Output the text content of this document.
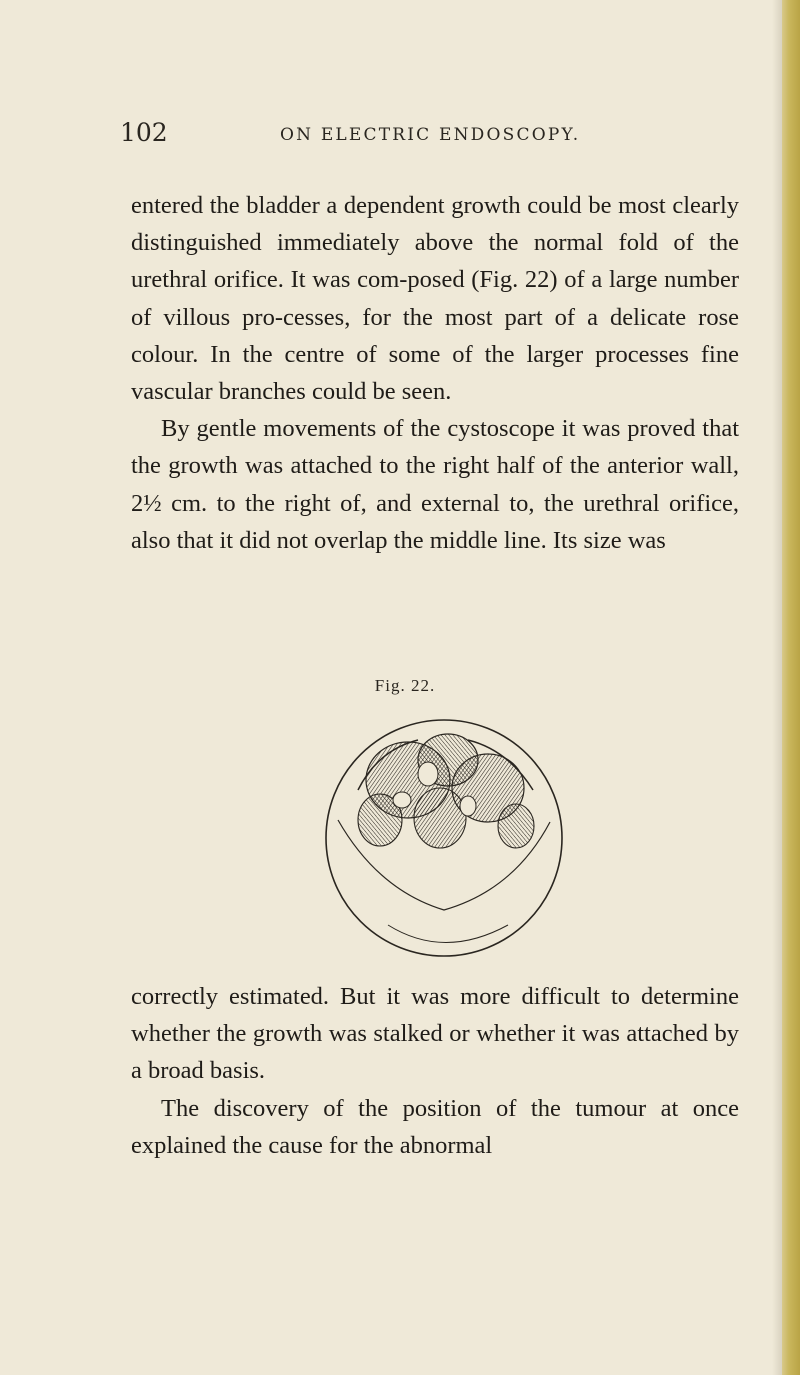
102	ON ELECTRIC ENDOSCOPY.

entered the bladder a dependent growth could be most clearly distinguished immediately above the normal fold of the urethral orifice. It was com-posed (Fig. 22) of a large number of villous pro-cesses, for the most part of a delicate rose colour. In the centre of some of the larger processes fine vascular branches could be seen.

By gentle movements of the cystoscope it was proved that the growth was attached to the right half of the anterior wall, 2½ cm. to the right of, and external to, the urethral orifice, also that it did not overlap the middle line. Its size was

Fig. 22.

correctly estimated. But it was more difficult to determine whether the growth was stalked or whether it was attached by a broad basis.

The discovery of the position of the tumour at once explained the cause for the abnormal
